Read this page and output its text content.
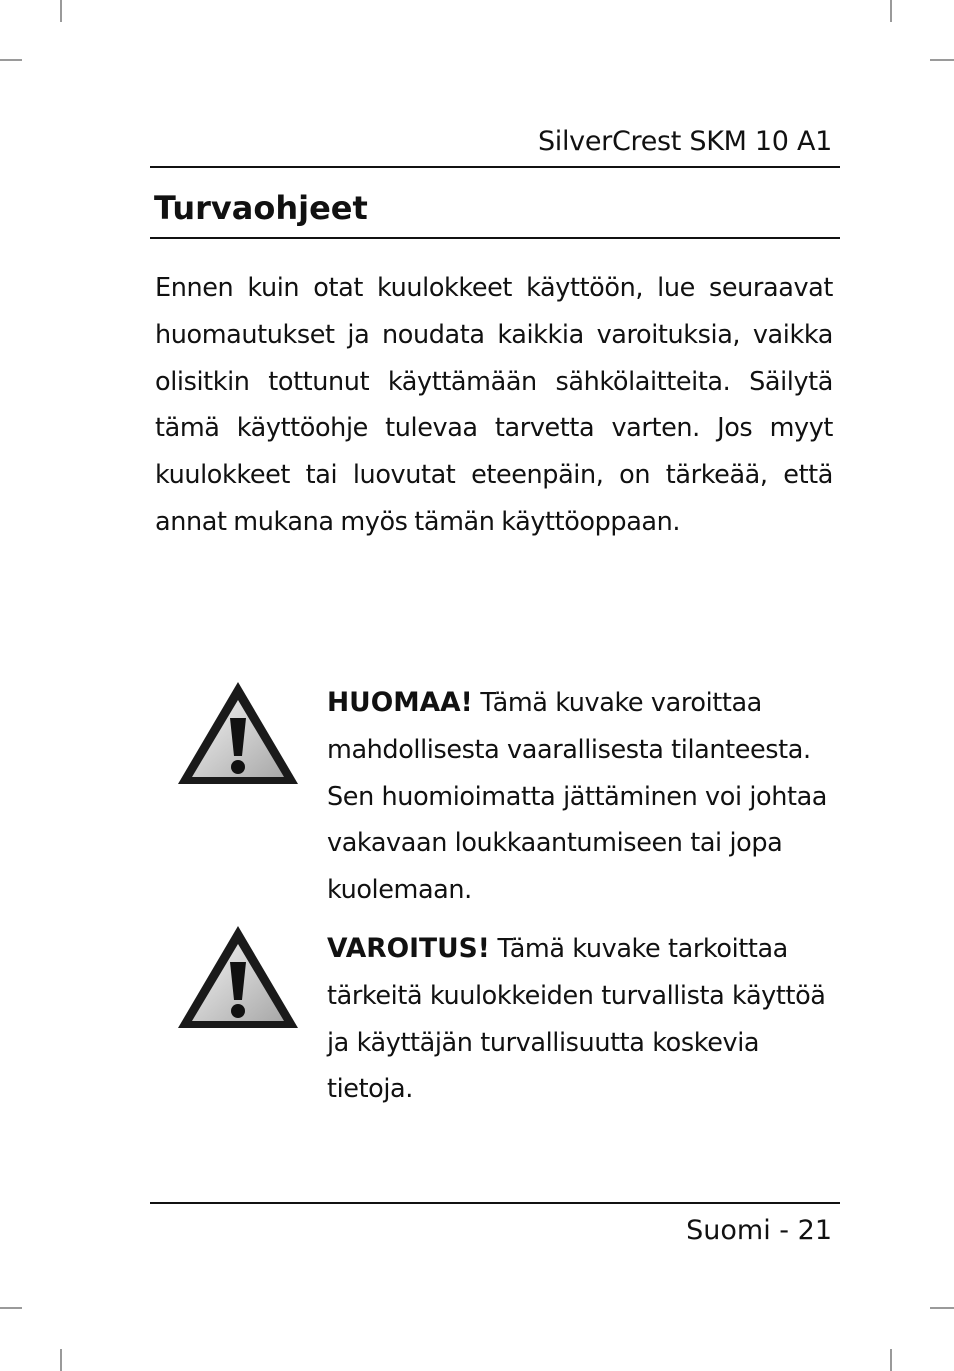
SilverCrest SKM 10 A1
Turvaohjeet

Ennen kuin otat kuulokkeet käyttöön, lue seuraavat huomautukset ja noudata kaikkia varoituksia, vaikka olisitkin tottunut käyttämään sähkölaitteita. Säilytä tämä käyttöohje tulevaa tarvetta varten. Jos myyt kuulokkeet tai luovutat eteenpäin, on tärkeää, että annat mukana myös tämän käyttöoppaan.

HUOMAA! Tämä kuvake varoittaa mahdollisesta vaarallisesta tilanteesta. Sen huomioimatta jättäminen voi johtaa vakavaan loukkaantumiseen tai jopa kuolemaan.

VAROITUS! Tämä kuvake tarkoittaa tärkeitä kuulokkeiden turvallista käyttöä ja käyttäjän turvallisuutta koskevia tietoja.

Suomi - 21
